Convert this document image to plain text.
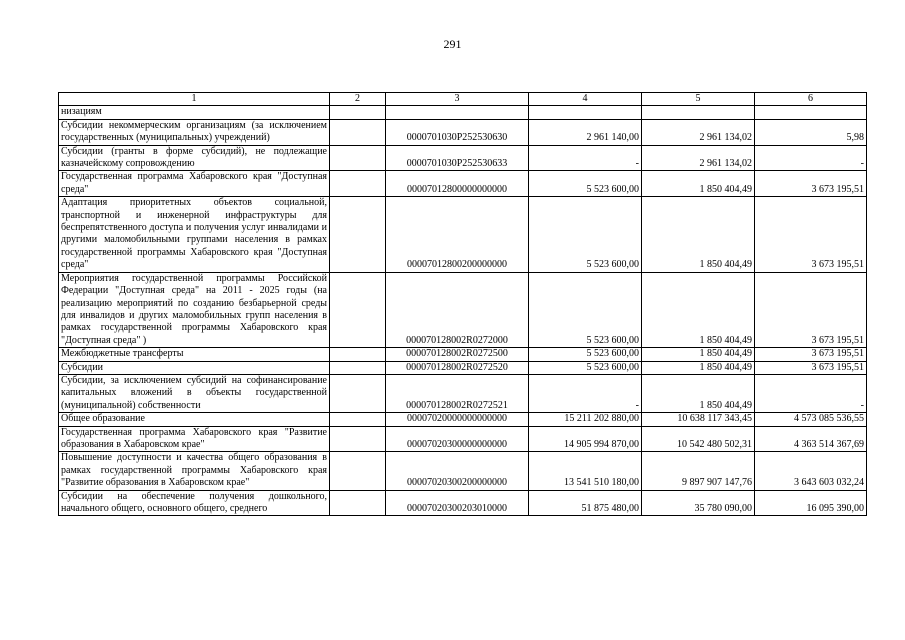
291
1	2	3	4	5	6
низациям					
Субсидии некоммерческим организациям (за исключением государственных (муниципальных) учреждений)		0000701030P252530630	2 961 140,00	2 961 134,02	5,98
Субсидии (гранты в форме субсидий), не подлежащие казначейскому сопровождению		0000701030P252530633	-	2 961 134,02	-
Государственная программа Хабаровского края "Доступная среда"		00007012800000000000	5 523 600,00	1 850 404,49	3 673 195,51
Адаптация приоритетных объектов социальной, транспортной и инженерной инфраструктуры для беспрепятственного доступа и получения услуг инвалидами и другими маломобильными группами населения в рамках государственной программы Хабаровского края "Доступная среда"		00007012800200000000	5 523 600,00	1 850 404,49	3 673 195,51
Мероприятия государственной программы Российской Федерации "Доступная среда" на 2011 - 2025 годы (на реализацию мероприятий по созданию безбарьерной среды для инвалидов и других маломобильных групп населения в рамках государственной программы Хабаровского края "Доступная среда" )		000070128002R0272000	5 523 600,00	1 850 404,49	3 673 195,51
Межбюджетные трансферты		000070128002R0272500	5 523 600,00	1 850 404,49	3 673 195,51
Субсидии		000070128002R0272520	5 523 600,00	1 850 404,49	3 673 195,51
Субсидии, за исключением субсидий на софинансирование капитальных вложений в объекты государственной (муниципальной) собственности		000070128002R0272521	-	1 850 404,49	-
Общее образование		00007020000000000000	15 211 202 880,00	10 638 117 343,45	4 573 085 536,55
Государственная программа Хабаровского края "Развитие образования в Хабаровском крае"		00007020300000000000	14 905 994 870,00	10 542 480 502,31	4 363 514 367,69
Повышение доступности и качества общего образования в рамках государственной программы Хабаровского края "Развитие образования в Хабаровском крае"		00007020300200000000	13 541 510 180,00	9 897 907 147,76	3 643 603 032,24
Субсидии на обеспечение получения дошкольного, начального общего, основного общего, среднего		00007020300203010000	51 875 480,00	35 780 090,00	16 095 390,00
